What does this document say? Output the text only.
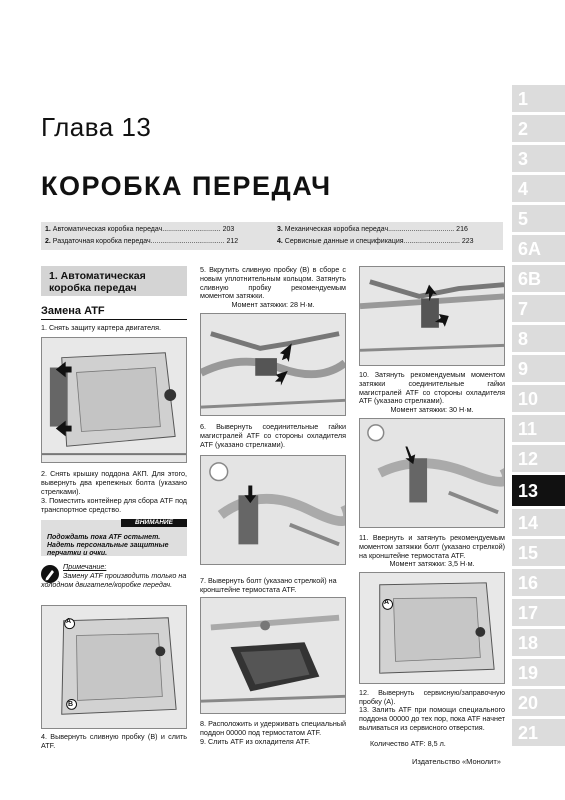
Глава 13
КОРОБКА ПЕРЕДАЧ
1. Автоматическая коробка передач.............................. 203
2. Раздаточная коробка передач...................................... 212
3. Механическая коробка передач.................................. 216
4. Сервисные данные и спецификация............................. 223
1
2
3
4
5
6A
6B
7
8
9
10
11
12
13
14
15
16
17
18
19
20
21
1. Автоматическая коробка передач
Замена ATF
1. Снять защиту картера двигателя.
2. Снять крышку поддона АКП. Для этого, вывернуть два крепежных болта (указано стрелками).
3. Поместить контейнер для сбора ATF под транспортное средство.
Подождать пока ATF остынет. Надеть персональные защитные перчатки и очки.
ВНИМАНИЕ
Примечание:
Замену ATF производить только на холодном двигателе/коробке передач.
A
B
4. Вывернуть сливную пробку (B) и слить ATF.
5. Вкрутить сливную пробку (B) в сборе с новым уплотнительным кольцом. Затянуть сливную пробку рекомендуемым моментом затяжки.
Момент затяжки: 28 Н·м.
6. Вывернуть соединительные гайки магистралей ATF со стороны охладителя ATF (указано стрелками).
7. Вывернуть болт (указано стрелкой) на кронштейне термостата ATF.
8. Расположить и удерживать специальный поддон 00000 под термостатом ATF.
9. Слить ATF из охладителя ATF.
10. Затянуть рекомендуемым моментом затяжки соединительные гайки магистралей ATF со стороны охладителя ATF (указано стрелками).
Момент затяжки: 30 Н·м.
11. Ввернуть и затянуть рекомендуемым моментом затяжки болт (указано стрелкой) на кронштейне термостата ATF.
Момент затяжки: 3,5 Н·м.
A
12. Вывернуть сервисную/заправочную пробку (A).
13. Залить ATF при помощи специального поддона 00000 до тех пор, пока ATF начнет выливаться из сервисного отверстия.
Количество ATF: 8,5 л.
Издательство «Монолит»
